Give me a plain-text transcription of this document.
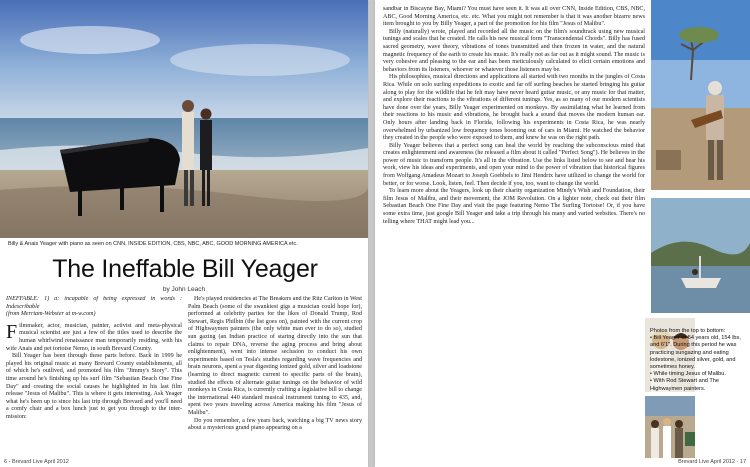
Billy & Anais Yeager with piano as seen on CNN, INSIDE EDITION, CBS, NBC, ABC, GOOD MORNING AMERICA etc.
The Ineffable Bill Yeager
by John Leach

INEFFABLE: 1) a: incapable of being expressed in words : Indescribable

(from Merriam-Webster at m-w.com)

Filmmaker, actor, musician, painter, activist and meta-physical musical scientist are just a few of the titles used to describe the human whirlwind renaissance man temporarily residing, with his wife Anais and pet tortoise Nemo, in south Brevard County.

Bill Yeager has been through these parts before. Back in 1999 he played his original music at many Brevard County establishments, all of which he's outlived, and promoted his film "Jimmy's Story". This time around he's finishing up his surf film "Sebastian Beach One Fine Day" and creating the social causes he highlighted in his last film release "Jesus of Malibu". This is where it gets interesting. Ask Yeager what he's been up to since his last trip through Brevard and you'll need a comfy chair and a box lunch just to get you through to the inter-mission:

He's played residencies at The Breakers and the Ritz Carlton in West Palm Beach (some of the swankiest gigs a musician could hope for), performed at celebrity parties for the likes of Donald Trump, Rod Stewart, Regis Philbin (the list goes on), painted with the current crop of Highwaymen painters (the only white man ever to do so), studied sun gazing (an Indian practice of staring directly into the sun that claims to repair DNA, reverse the aging process and bring about enlightenment), went into intense seclusion to conduct his own experiments based on Tesla's studies regarding wave frequencies and brain neurons, spent a year digesting ionized gold, silver and loadstone (learning to direct magnetic current to specific parts of the brain), studied the effects of alternate guitar tunings on the behavior of wild monkeys in Costa Rica, is currently crafting a legislative bill to change the international 440 standard musical instrument tuning to 435, and, spent two years traveling across America making his film "Jesus of Malibu".

Do you remember, a few years back, watching a big TV news story about a mysterious grand piano appearing on a

6 - Brevard Live April 2012

sandbar in Biscayne Bay, Miami? You must have seen it. It was all over CNN, Inside Edition, CBS, NBC, ABC, Good Morning America, etc. etc. What you might not remember is that it was another bizarre news item brought to you by Billy Yeager, a part of the promotion for his film "Jesus of Malibu".

Billy (naturally) wrote, played and recorded all the music on the film's soundtrack using new musical tunings and scales that he created. He calls his new musical form "Transcendental Chords". Billy has fused sacred geometry, wave theory, vibrations of tones transmitted and then frozen in water, and the natural magnetic frequency of the earth to create his music. It's really not as far out as it might sound. The music is very cohesive and pleasing to the ear and has been meticulously calculated to elicit certain emotions and behaviors from its listeners, whoever or whatever those listeners may be.

His philosophies, musical directions and applications all started with two months in the jungles of Costa Rica. While on solo surfing expeditions to exotic and far off surfing beaches he started bringing his guitar along to play for the wildlife that he felt may have never heard guitar music, or any music for that matter, and explore their reactions to the vibrations of different tunings. Yes, as so many of our modern scientists have done over the years, Billy Yeager experimented on monkeys. By assimilating what he learned from their reactions to his music and vibrations, he brought back a sound that moves the modern human ear. Only hours after landing back in Florida, following his experiments in Costa Rica, he was nearly overwhelmed by urbanized low frequency tones booming out of cars in Miami. He watched the behavior they created in the people who were exposed to them, and knew he was on the right path.

Billy Yeager believes that a perfect song can heal the world by reaching the subconscious mind that creates enlightenment and awareness (he released a film about it called "Perfect Song"). He believes in the power of music to transform people. It's all in the vibration. Use the links listed below to see and hear his work, view his ideas and experiments, and open your mind to the power of vibration that historical figures from Wolfgang Amadeus Mozart to Joseph Goebbels to Jimi Hendrix have utilized to change the world for better, or for worse. Look, listen, feel. Then decide if you, too, want to change the world.

To learn more about the Yeagers, look up their charity organization Mindy's Wish and Foundation, their film Jesus of Malibu, and their movement, the JOM Revolution. On a lighter note, check out their film Sebastian Beach One Fine Day and visit the page featuring Nemo The Surfing Tortoise! Or, if you have some extra time, just google Bill Yeager and take a trip through his many and varied websites. There's no telling where THAT might lead you...

Photos from the top to bottom:

• Bill Yeager at 54 years old, 154 lbs, and 6'1". During this period he was practicing sungazing and eating lodestone, ionized silver, gold, and sometimes honey.

• While timing Jesus of Malibu.

• With Rod Stewart and The Highwaymen painters.

Brevard Live April 2012 - 17
